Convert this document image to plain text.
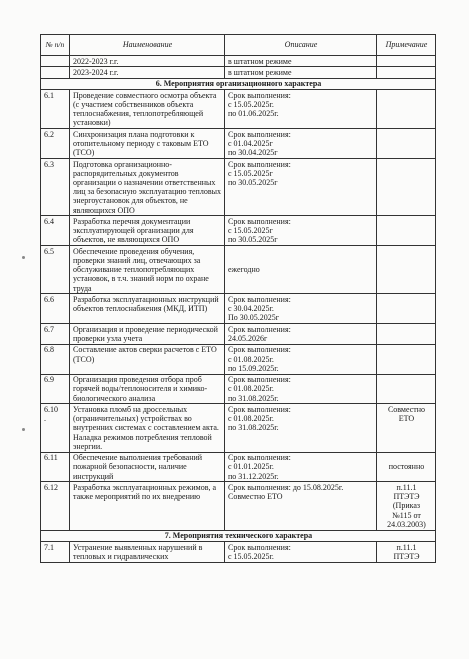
№ п/п	Наименование	Описание	Примечание
	2022-2023 г.г.	в штатном режиме	
	2023-2024 г.г.	в штатном режиме	
6. Мероприятия организационного характера			
6.1	Проведение совместного осмотра объекта (с участием собственников объекта теплоснабжения, теплопотребляющей установки)	Срок выполнения:
с 15.05.2025г.
по 01.06.2025г.	
6.2	Синхронизация плана подготовки к отопительному периоду с таковым ЕТО (ТСО)	Срок выполнения:
с 01.04.2025г
по 30.04.2025г	
6.3	Подготовка организационно-распорядительных документов организации о назначении ответственных лиц за безопасную эксплуатацию тепловых энергоустановок для объектов, не являющихся ОПО	Срок выполнения:
с 15.05.2025г
по 30.05.2025г	
6.4	Разработка перечня документации эксплуатирующей организации для объектов, не являющихся ОПО	Срок выполнения:
с 15.05.2025г
по 30.05.2025г	
6.5	Обеспечение проведения обучения, проверки знаний лиц, отвечающих за обслуживание теплопотребляющих установок, в т.ч. знаний норм по охране труда	ежегодно	
6.6	Разработка эксплуатационных инструкций объектов теплоснабжения (МКД, ИТП)	Срок выполнения:
с 30.04.2025г.
По 30.05.2025г	
6.7	Организация и проведение периодической проверки узла учета	Срок выполнения:
24.05.2026г	
6.8	Составление актов сверки расчетов с ЕТО (ТСО)	Срок выполнения:
с 01.08.2025г.
по 15.09.2025г.	
6.9	Организация проведения отбора проб горячей воды/теплоносителя и химико-биологического анализа	Срок выполнения:
с 01.08.2025г.
по 31.08.2025г.	
6.10
.	Установка пломб на дроссельных (ограничительных) устройствах во внутренних системах с составлением акта. Наладка режимов потребления тепловой энергии.	Срок выполнения:
с 01.08.2025г.
по 31.08.2025г.	Совместно
ЕТО
6.11	Обеспечение выполнения требований пожарной безопасности, наличие инструкций	Срок выполнения:
с 01.01.2025г.
по 31.12.2025г.	постоянно
6.12	Разработка эксплуатационных режимов, а также мероприятий по их внедрению	Срок выполнения: до 15.08.2025г.
Совместно ЕТО	п.11.1
ПТЭТЭ
(Приказ
№115 от
24.03.2003)
7. Мероприятия технического характера			
7.1	Устранение выявленных нарушений в тепловых и гидравлических	Срок выполнения:
с 15.05.2025г.	п.11.1
ПТЭТЭ
